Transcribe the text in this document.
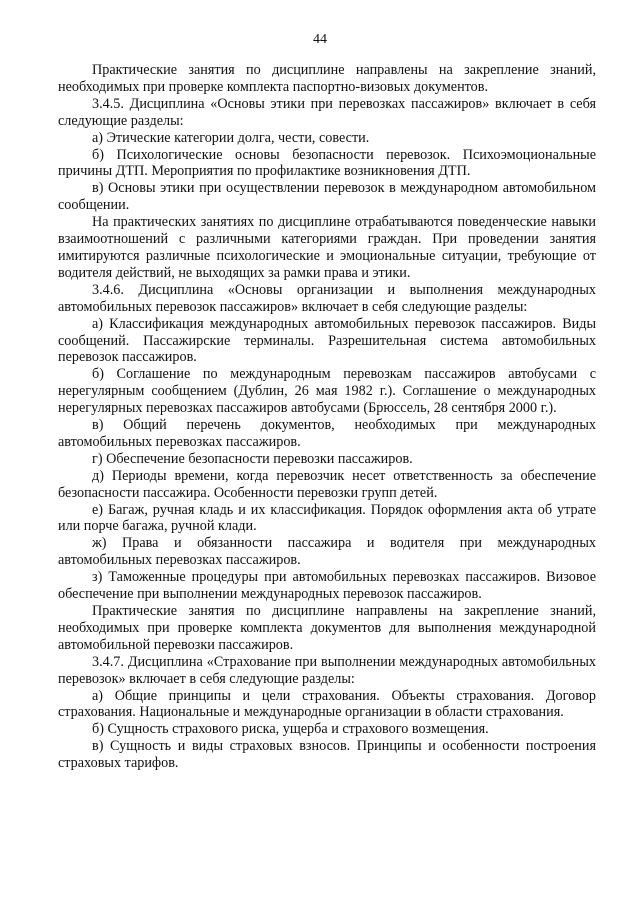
44

Практические занятия по дисциплине направлены на закрепление знаний, необходимых при проверке комплекта паспортно-визовых документов.

3.4.5. Дисциплина «Основы этики при перевозках пассажиров» включает в себя следующие разделы:

а) Этические категории долга, чести, совести.

б) Психологические основы безопасности перевозок. Психоэмоциональные причины ДТП. Мероприятия по профилактике возникновения ДТП.

в) Основы этики при осуществлении перевозок в международном автомобильном сообщении.

На практических занятиях по дисциплине отрабатываются поведенческие навыки взаимоотношений с различными категориями граждан. При проведении занятия имитируются различные психологические и эмоциональные ситуации, требующие от водителя действий, не выходящих за рамки права и этики.

3.4.6. Дисциплина «Основы организации и выполнения международных автомобильных перевозок пассажиров» включает в себя следующие разделы:

а) Классификация международных автомобильных перевозок пассажиров. Виды сообщений. Пассажирские терминалы. Разрешительная система автомобильных перевозок пассажиров.

б) Соглашение по международным перевозкам пассажиров автобусами с нерегулярным сообщением (Дублин, 26 мая 1982 г.). Соглашение о международных нерегулярных перевозках пассажиров автобусами (Брюссель, 28 сентября 2000 г.).

в) Общий перечень документов, необходимых при международных автомобильных перевозках пассажиров.

г) Обеспечение безопасности перевозки пассажиров.

д) Периоды времени, когда перевозчик несет ответственность за обеспечение безопасности пассажира. Особенности перевозки групп детей.

е) Багаж, ручная кладь и их классификация. Порядок оформления акта об утрате или порче багажа, ручной клади.

ж) Права и обязанности пассажира и водителя при международных автомобильных перевозках пассажиров.

з) Таможенные процедуры при автомобильных перевозках пассажиров. Визовое обеспечение при выполнении международных перевозок пассажиров.

Практические занятия по дисциплине направлены на закрепление знаний, необходимых при проверке комплекта документов для выполнения международной автомобильной перевозки пассажиров.

3.4.7. Дисциплина «Страхование при выполнении международных автомобильных перевозок» включает в себя следующие разделы:

а) Общие принципы и цели страхования. Объекты страхования. Договор страхования. Национальные и международные организации в области страхования.

б) Сущность страхового риска, ущерба и страхового возмещения.

в) Сущность и виды страховых взносов. Принципы и особенности построения страховых тарифов.
